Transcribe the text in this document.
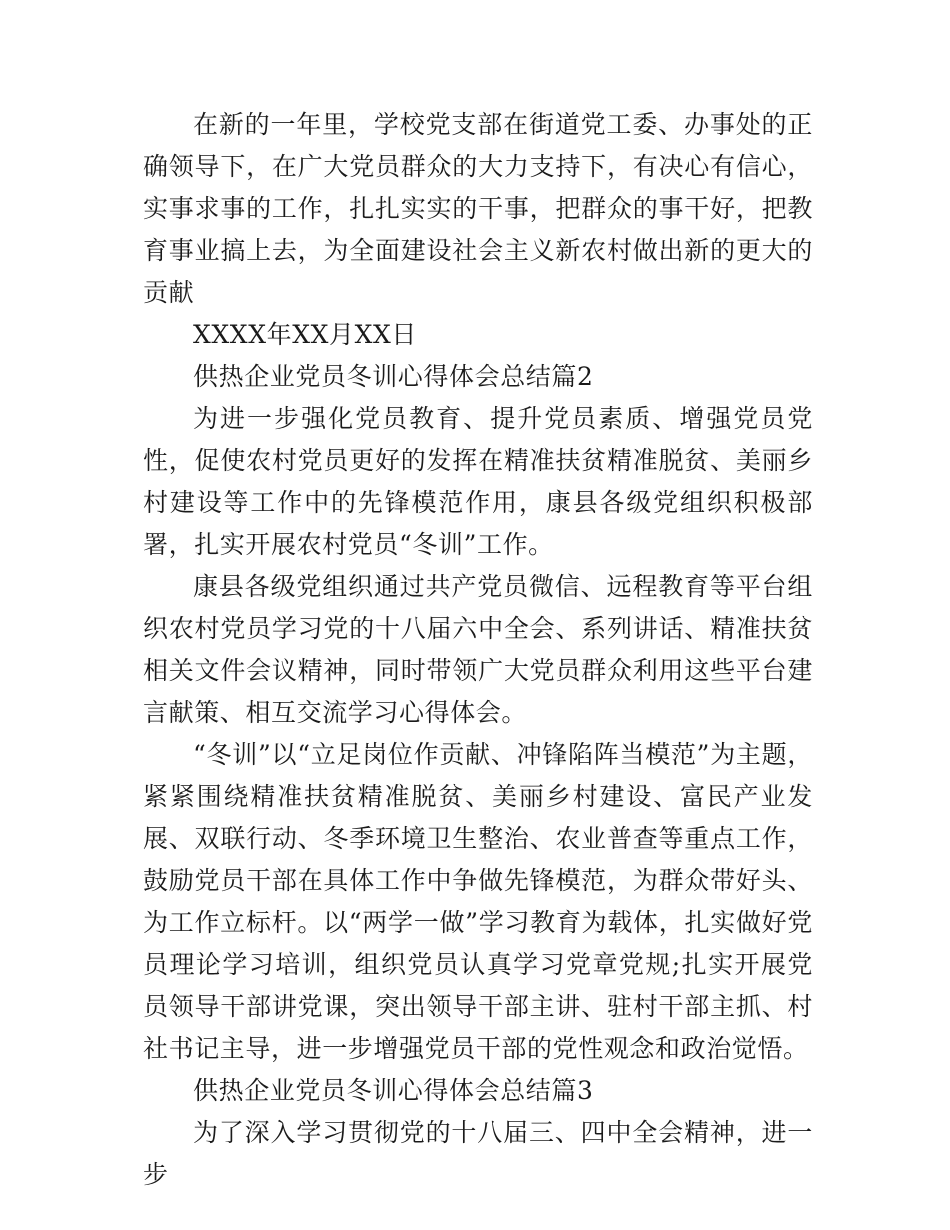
在新的一年里，学校党支部在街道党工委、办事处的正确领导下，在广大党员群众的大力支持下，有决心有信心，实事求事的工作，扎扎实实的干事，把群众的事干好，把教育事业搞上去，为全面建设社会主义新农村做出新的更大的贡献

XXXX年XX月XX日

供热企业党员冬训心得体会总结篇2

为进一步强化党员教育、提升党员素质、增强党员党性，促使农村党员更好的发挥在精准扶贫精准脱贫、美丽乡村建设等工作中的先锋模范作用，康县各级党组织积极部署，扎实开展农村党员“冬训”工作。

康县各级党组织通过共产党员微信、远程教育等平台组织农村党员学习党的十八届六中全会、系列讲话、精准扶贫相关文件会议精神，同时带领广大党员群众利用这些平台建言献策、相互交流学习心得体会。

“冬训”以“立足岗位作贡献、冲锋陷阵当模范”为主题，紧紧围绕精准扶贫精准脱贫、美丽乡村建设、富民产业发展、双联行动、冬季环境卫生整治、农业普查等重点工作，鼓励党员干部在具体工作中争做先锋模范，为群众带好头、为工作立标杆。以“两学一做”学习教育为载体，扎实做好党员理论学习培训，组织党员认真学习党章党规;扎实开展党员领导干部讲党课，突出领导干部主讲、驻村干部主抓、村社书记主导，进一步增强党员干部的党性观念和政治觉悟。

供热企业党员冬训心得体会总结篇3

为了深入学习贯彻党的十八届三、四中全会精神，进一步
